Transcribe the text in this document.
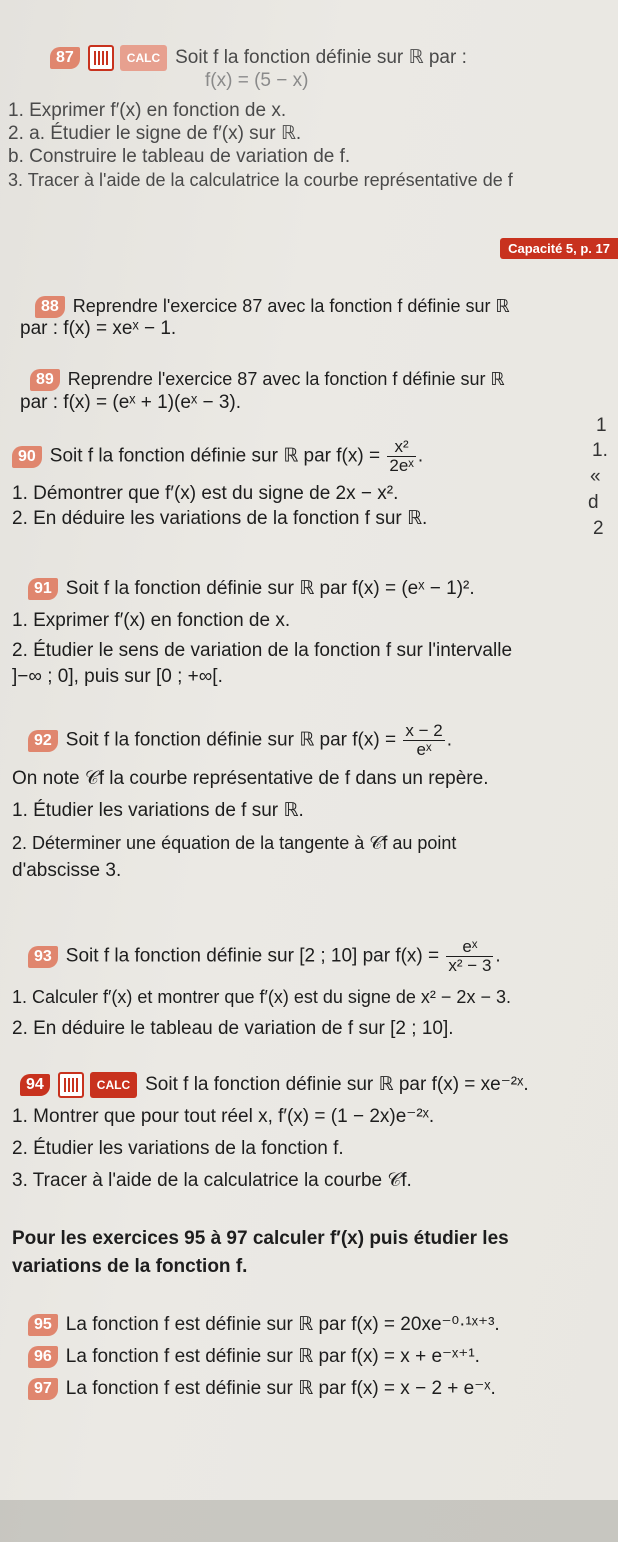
87	CALC Soit f la fonction définie sur ℝ par :
f(x) = (5 − x)
1. Exprimer f′(x) en fonction de x.
2. a. Étudier le signe de f′(x) sur ℝ.
b. Construire le tableau de variation de f.
3. Tracer à l'aide de la calculatrice la courbe représentative de f
Capacité 5, p. 17
88 Reprendre l'exercice 87 avec la fonction f définie sur ℝ
par : f(x) = xeˣ − 1.
89 Reprendre l'exercice 87 avec la fonction f définie sur ℝ
par : f(x) = (eˣ + 1)(eˣ − 3).
90 Soit f la fonction définie sur ℝ par $f(x) = \frac{\text{x²}}{\text{2eˣ}}$ .
1. Démontrer que f′(x) est du signe de 2x − x².
2. En déduire les variations de la fonction f sur ℝ.
91 Soit f la fonction définie sur ℝ par f(x) = (eˣ − 1)².
1. Exprimer f′(x) en fonction de x.
2. Étudier le sens de variation de la fonction f sur l'intervalle
]−∞ ; 0], puis sur [0 ; +∞[.
92 Soit f la fonction définie sur ℝ par $f(x) = \frac{x - 2}{\text{eˣ}}$ .
On note 𝒞f la courbe représentative de f dans un repère.
1. Étudier les variations de f sur ℝ.
2. Déterminer une équation de la tangente à 𝒞f au point
d'abscisse 3.
93 Soit f la fonction définie sur [2 ; 10] par $f(x) = \frac{\text{eˣ}}{\text{x² − 3}}$ .
1. Calculer f′(x) et montrer que f′(x) est du signe de x² − 2x − 3.
2. En déduire le tableau de variation de f sur [2 ; 10].
94	CALC Soit f la fonction définie sur ℝ par f(x) = xe⁻²ˣ.
1. Montrer que pour tout réel x, f′(x) = (1 − 2x)e⁻²ˣ.
2. Étudier les variations de la fonction f.
3. Tracer à l'aide de la calculatrice la courbe 𝒞f.
Pour les exercices 95 à 97 calculer f′(x) puis étudier les
variations de la fonction f.
95 La fonction f est définie sur ℝ par f(x) = 20xe⁻⁰·¹ˣ⁺³.
96 La fonction f est définie sur ℝ par f(x) = x + e⁻ˣ⁺¹.
97 La fonction f est définie sur ℝ par f(x) = x − 2 + e⁻ˣ.
1
1.
«
d
2
